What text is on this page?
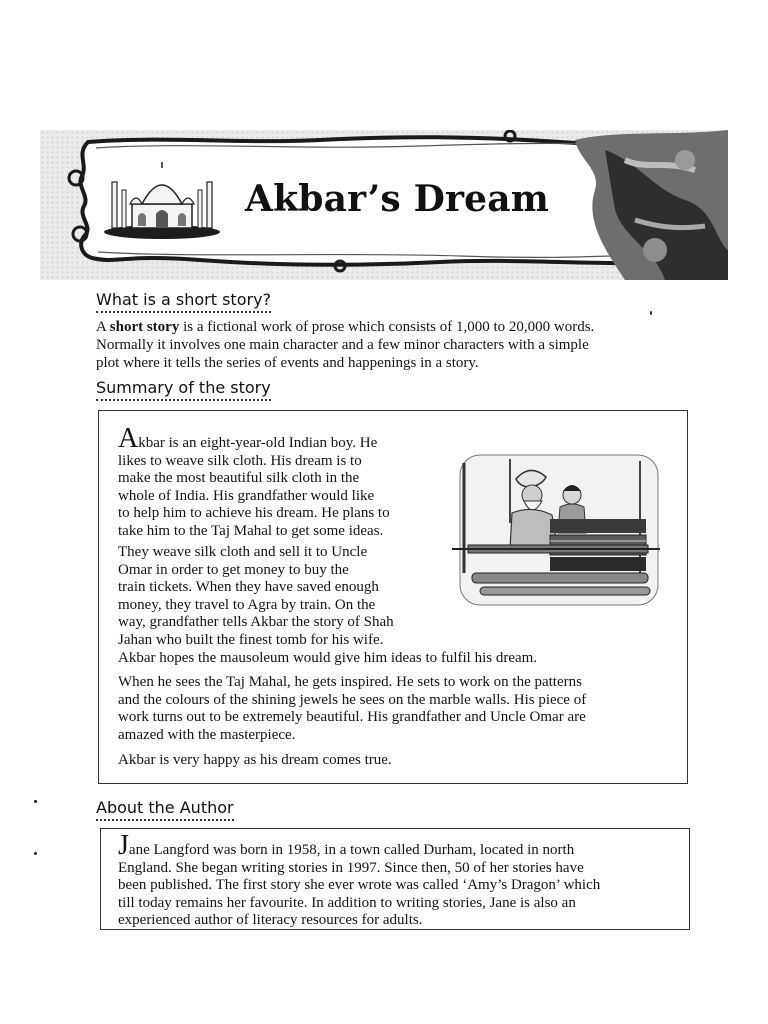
Akbar’s Dream
What is a short story?
A short story is a fictional work of prose which consists of 1,000 to 20,000 words.
Normally it involves one main character and a few minor characters with a simple
plot where it tells the series of events and happenings in a story.
Summary of the story
Akbar is an eight-year-old Indian boy. He
likes to weave silk cloth. His dream is to
make the most beautiful silk cloth in the
whole of India. His grandfather would like
to help him to achieve his dream. He plans to
take him to the Taj Mahal to get some ideas.
They weave silk cloth and sell it to Uncle
Omar in order to get money to buy the
train tickets. When they have saved enough
money, they travel to Agra by train. On the
way, grandfather tells Akbar the story of Shah
Jahan who built the finest tomb for his wife.
Akbar hopes the mausoleum would give him ideas to fulfil his dream.
When he sees the Taj Mahal, he gets inspired. He sets to work on the patterns
and the colours of the shining jewels he sees on the marble walls. His piece of
work turns out to be extremely beautiful. His grandfather and Uncle Omar are
amazed with the masterpiece.
Akbar is very happy as his dream comes true.
About the Author
Jane Langford was born in 1958, in a town called Durham, located in north
England. She began writing stories in 1997. Since then, 50 of her stories have
been published. The first story she ever wrote was called ‘Amy’s Dragon’ which
till today remains her favourite. In addition to writing stories, Jane is also an
experienced author of literacy resources for adults.
